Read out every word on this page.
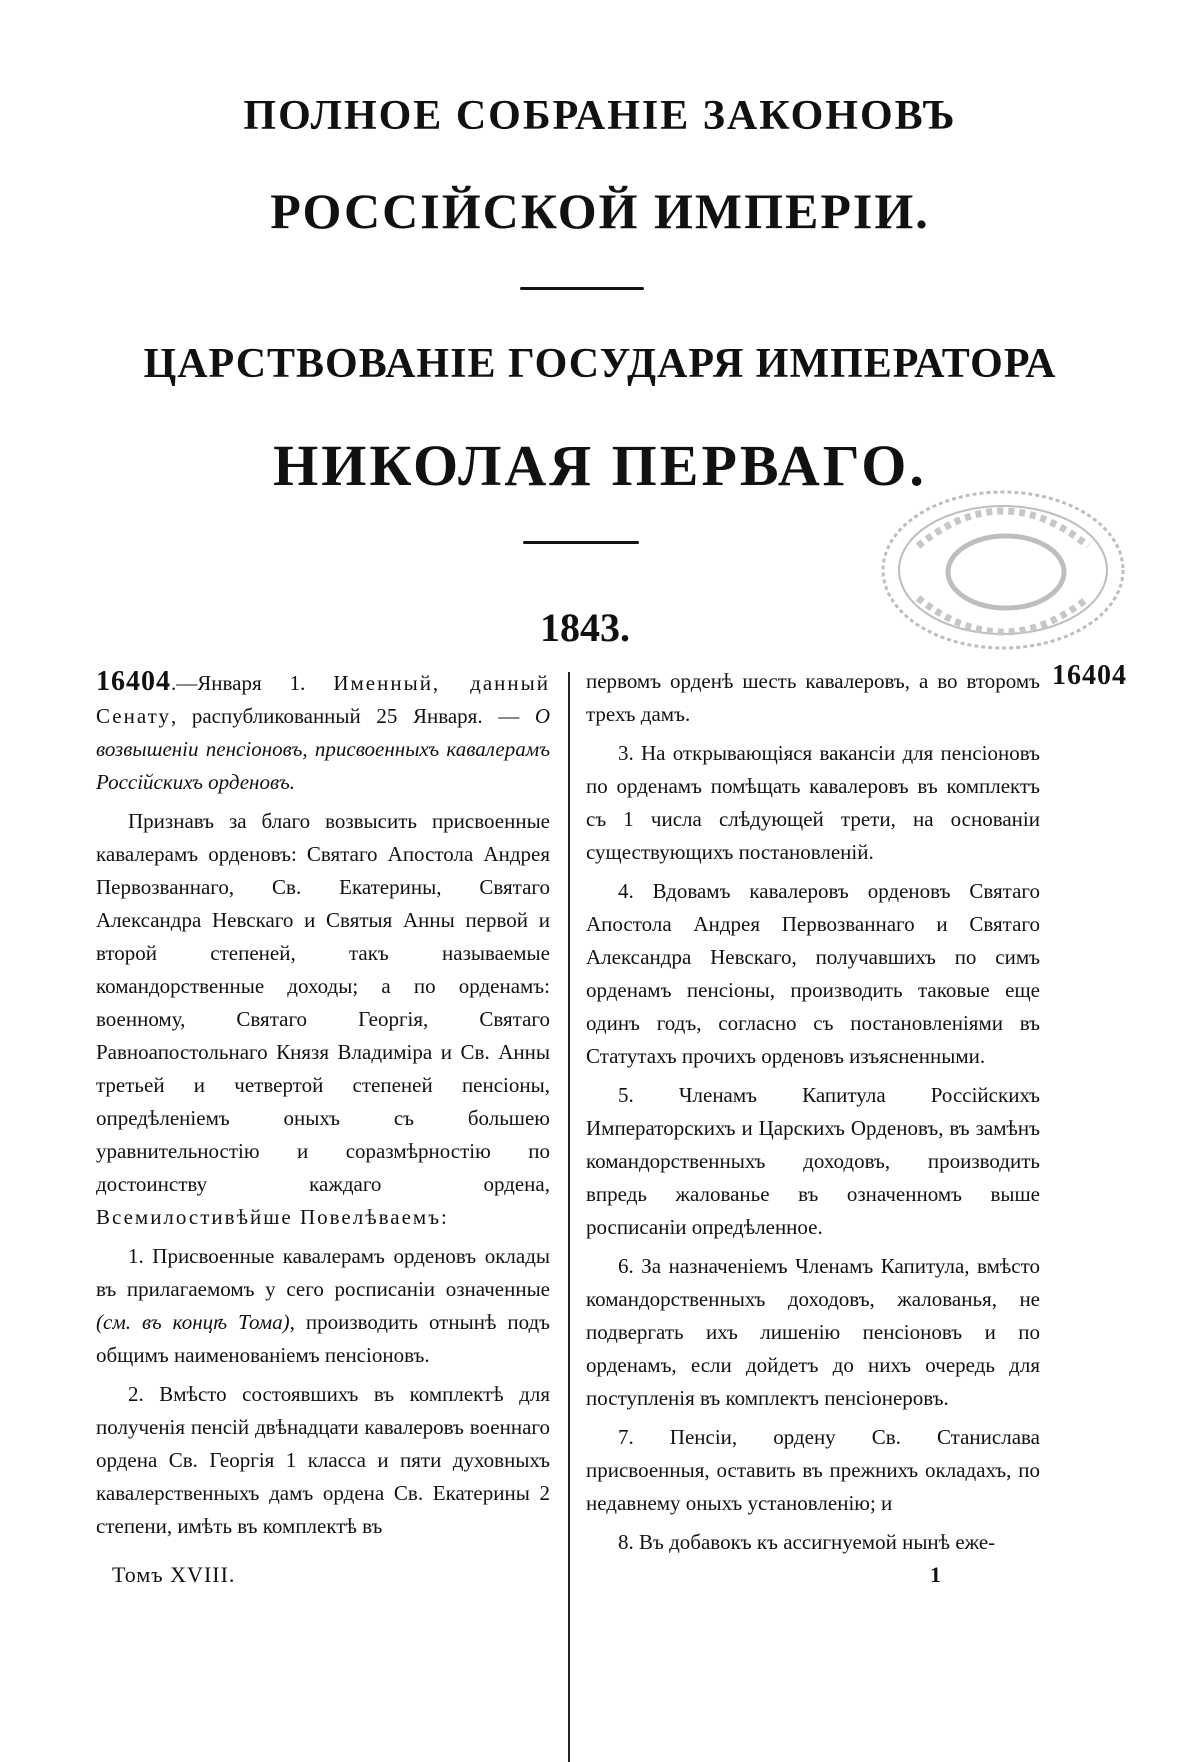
ПОЛНОЕ СОБРАНІЕ ЗАКОНОВЪ
РОССІЙСКОЙ ИМПЕРІИ.
ЦАРСТВОВАНІЕ ГОСУДАРЯ ИМПЕРАТОРА
НИКОЛАЯ ПЕРВАГО.
1843.
16404

16404.—Января 1. Именный, данный Сенату, распубликованный 25 Января. — О возвышеніи пенсіоновъ, присвоенныхъ кавалерамъ Россійскихъ орденовъ.

Признавъ за благо возвысить присвоенные кавалерамъ орденовъ: Святаго Апостола Андрея Первозваннаго, Св. Екатерины, Святаго Александра Невскаго и Святыя Анны первой и второй степеней, такъ называемые командорственные доходы; а по орденамъ: военному, Святаго Георгія, Святаго Равноапостольнаго Князя Владиміра и Св. Анны третьей и четвертой степеней пенсіоны, опредѣленіемъ оныхъ съ большею уравнительностію и соразмѣрностію по достоинству каждаго ордена, Всемилостивѣйше Повелѣваемъ:

1. Присвоенные кавалерамъ орденовъ оклады въ прилагаемомъ у сего росписаніи означенные (см. въ концѣ Тома), производить отнынѣ подъ общимъ наименованіемъ пенсіоновъ.

2. Вмѣсто состоявшихъ въ комплектѣ для полученія пенсій двѣнадцати кавалеровъ военнаго ордена Св. Георгія 1 класса и пяти духовныхъ кавалерственныхъ дамъ ордена Св. Екатерины 2 степени, имѣть въ комплектѣ въ

первомъ орденѣ шесть кавалеровъ, а во второмъ трехъ дамъ.

3. На открывающіяся вакансіи для пенсіоновъ по орденамъ помѣщать кавалеровъ въ комплектъ съ 1 числа слѣдующей трети, на основаніи существующихъ постановленій.

4. Вдовамъ кавалеровъ орденовъ Святаго Апостола Андрея Первозваннаго и Святаго Александра Невскаго, получавшихъ по симъ орденамъ пенсіоны, производить таковые еще одинъ годъ, согласно съ постановленіями въ Статутахъ прочихъ орденовъ изъясненными.

5. Членамъ Капитула Россійскихъ Императорскихъ и Царскихъ Орденовъ, въ замѣнъ командорственныхъ доходовъ, производить впредь жалованье въ означенномъ выше росписаніи опредѣленное.

6. За назначеніемъ Членамъ Капитула, вмѣсто командорственныхъ доходовъ, жалованья, не подвергать ихъ лишенію пенсіоновъ и по орденамъ, если дойдетъ до нихъ очередь для поступленія въ комплектъ пенсіонеровъ.

7. Пенсіи, ордену Св. Станислава присвоенныя, оставить въ прежнихъ окладахъ, по недавнему оныхъ установленію; и

8. Въ добавокъ къ ассигнуемой нынѣ еже-

Томъ XVIII.	1
